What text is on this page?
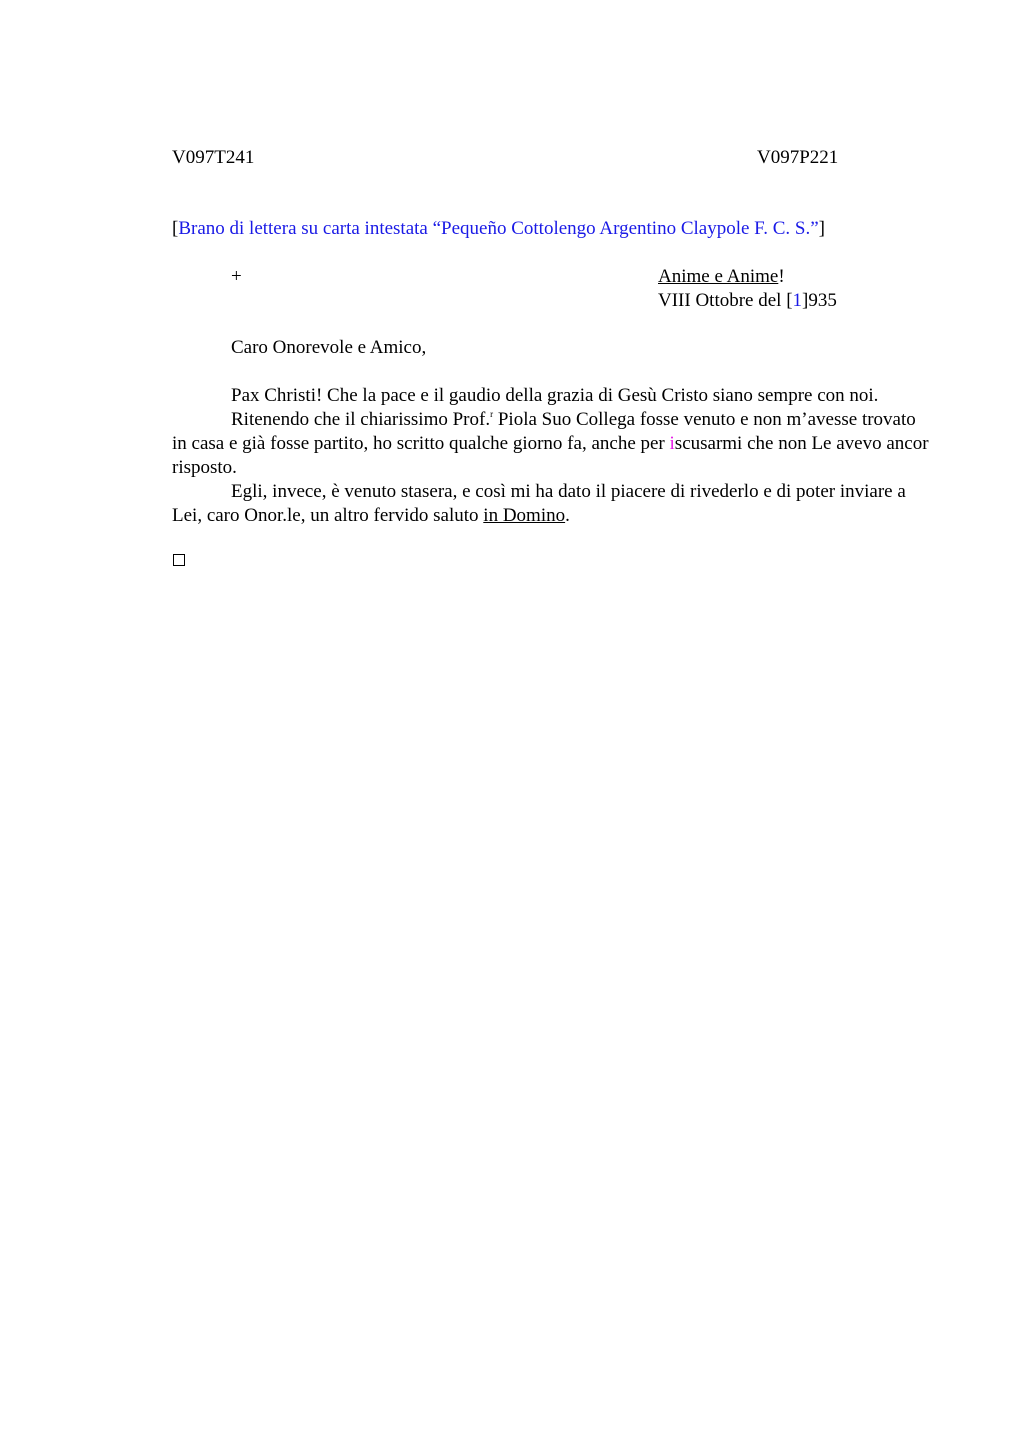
V097T241	V097P221
[Brano di lettera su carta intestata “Pequeño Cottolengo Argentino Claypole F. C. S.”]
+	Anime e Anime!
VIII Ottobre del [1]935
Caro Onorevole e Amico,

Pax Christi! Che la pace e il gaudio della grazia di Gesù Cristo siano sempre con noi.

Ritenendo che il chiarissimo Prof.$^r$ Piola Suo Collega fosse venuto e non m’avesse trovato in casa e già fosse partito, ho scritto qualche giorno fa, anche per iscusarmi che non Le avevo ancor risposto.

Egli, invece, è venuto stasera, e così mi ha dato il piacere di rivederlo e di poter inviare a Lei, caro Onor.le, un altro fervido saluto in Domino.
